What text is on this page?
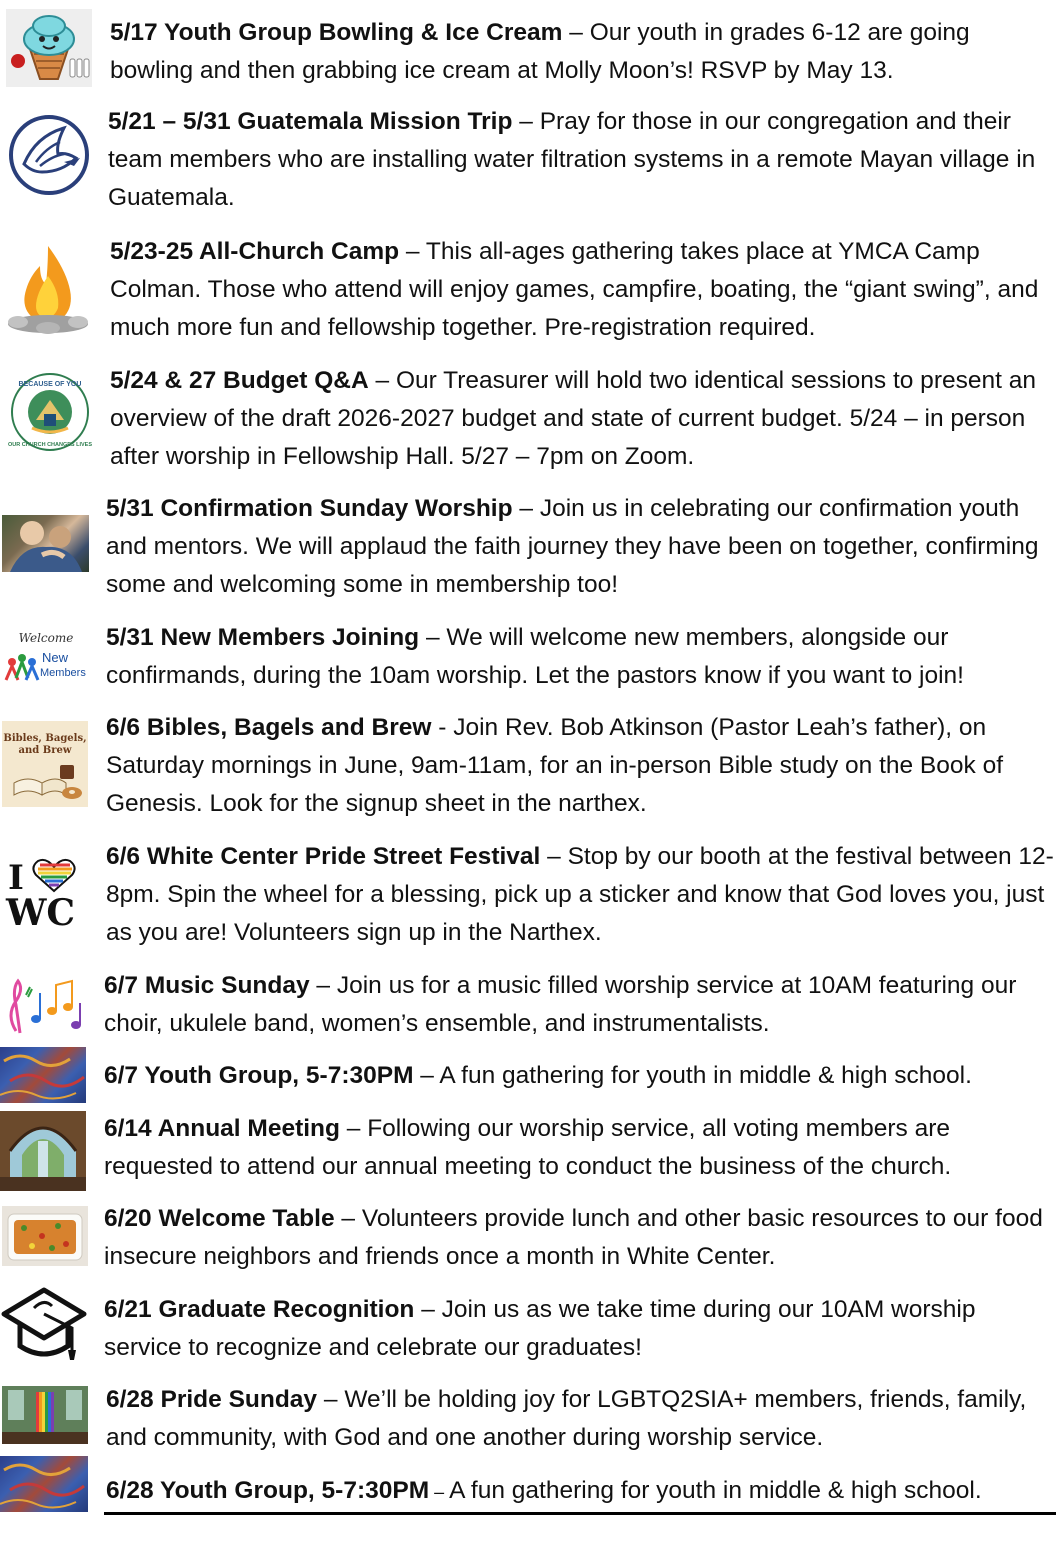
5/17 Youth Group Bowling & Ice Cream – Our youth in grades 6-12 are going bowling and then grabbing ice cream at Molly Moon’s! RSVP by May 13.
5/21 – 5/31 Guatemala Mission Trip – Pray for those in our congregation and their team members who are installing water filtration systems in a remote Mayan village in Guatemala.
5/23-25 All-Church Camp – This all-ages gathering takes place at YMCA Camp Colman. Those who attend will enjoy games, campfire, boating, the “giant swing”, and much more fun and fellowship together. Pre-registration required.
BECAUSE OF YOU
OUR CHURCH CHANGES LIVES
5/24 & 27 Budget Q&A – Our Treasurer will hold two identical sessions to present an overview of the draft 2026-2027 budget and state of current budget. 5/24 – in person after worship in Fellowship Hall. 5/27 – 7pm on Zoom.
5/31 Confirmation Sunday Worship – Join us in celebrating our confirmation youth and mentors. We will applaud the faith journey they have been on together, confirming some and welcoming some in membership too!
Welcome
New
Members
5/31 New Members Joining – We will welcome new members, alongside our confirmands, during the 10am worship. Let the pastors know if you want to join!
Bibles, Bagels,
and Brew
6/6 Bibles, Bagels and Brew - Join Rev. Bob Atkinson (Pastor Leah’s father), on Saturday mornings in June, 9am-11am, for an in-person Bible study on the Book of Genesis. Look for the signup sheet in the narthex.
I
WC
6/6 White Center Pride Street Festival – Stop by our booth at the festival between 12-8pm. Spin the wheel for a blessing, pick up a sticker and know that God loves you, just as you are! Volunteers sign up in the Narthex.
6/7 Music Sunday – Join us for a music filled worship service at 10AM featuring our choir, ukulele band, women’s ensemble, and instrumentalists.
6/7 Youth Group, 5-7:30PM – A fun gathering for youth in middle & high school.
6/14 Annual Meeting – Following our worship service, all voting members are requested to attend our annual meeting to conduct the business of the church.
6/20 Welcome Table – Volunteers provide lunch and other basic resources to our food insecure neighbors and friends once a month in White Center.
6/21 Graduate Recognition – Join us as we take time during our 10AM worship service to recognize and celebrate our graduates!
6/28 Pride Sunday – We’ll be holding joy for LGBTQ2SIA+ members, friends, family, and community, with God and one another during worship service.
6/28 Youth Group, 5-7:30PM – A fun gathering for youth in middle & high school.
